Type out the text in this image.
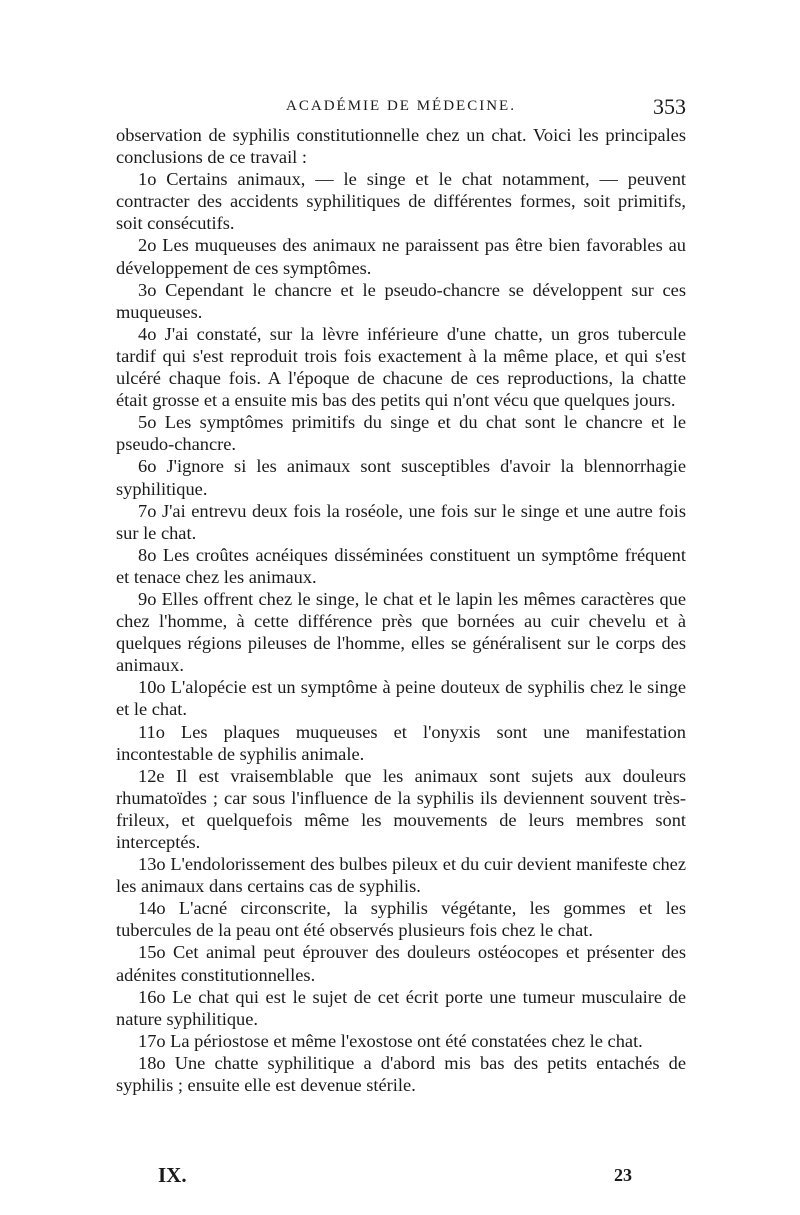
ACADÉMIE DE MÉDECINE.	353

observation de syphilis constitutionnelle chez un chat. Voici les principales conclusions de ce travail :

1o Certains animaux, — le singe et le chat notamment, — peuvent contracter des accidents syphilitiques de différentes formes, soit primitifs, soit consécutifs.

2o Les muqueuses des animaux ne paraissent pas être bien favorables au développement de ces symptômes.

3o Cependant le chancre et le pseudo-chancre se développent sur ces muqueuses.

4o J'ai constaté, sur la lèvre inférieure d'une chatte, un gros tubercule tardif qui s'est reproduit trois fois exactement à la même place, et qui s'est ulcéré chaque fois. A l'époque de chacune de ces reproductions, la chatte était grosse et a ensuite mis bas des petits qui n'ont vécu que quelques jours.

5o Les symptômes primitifs du singe et du chat sont le chancre et le pseudo-chancre.

6o J'ignore si les animaux sont susceptibles d'avoir la blennorrhagie syphilitique.

7o J'ai entrevu deux fois la roséole, une fois sur le singe et une autre fois sur le chat.

8o Les croûtes acnéiques disséminées constituent un symptôme fréquent et tenace chez les animaux.

9o Elles offrent chez le singe, le chat et le lapin les mêmes caractères que chez l'homme, à cette différence près que bornées au cuir chevelu et à quelques régions pileuses de l'homme, elles se généralisent sur le corps des animaux.

10o L'alopécie est un symptôme à peine douteux de syphilis chez le singe et le chat.

11o Les plaques muqueuses et l'onyxis sont une manifestation incontestable de syphilis animale.

12e Il est vraisemblable que les animaux sont sujets aux douleurs rhumatoïdes ; car sous l'influence de la syphilis ils deviennent souvent très-frileux, et quelquefois même les mouvements de leurs membres sont interceptés.

13o L'endolorissement des bulbes pileux et du cuir devient manifeste chez les animaux dans certains cas de syphilis.

14o L'acné circonscrite, la syphilis végétante, les gommes et les tubercules de la peau ont été observés plusieurs fois chez le chat.

15o Cet animal peut éprouver des douleurs ostéocopes et présenter des adénites constitutionnelles.

16o Le chat qui est le sujet de cet écrit porte une tumeur musculaire de nature syphilitique.

17o La périostose et même l'exostose ont été constatées chez le chat.

18o Une chatte syphilitique a d'abord mis bas des petits entachés de syphilis ; ensuite elle est devenue stérile.

IX.	23
